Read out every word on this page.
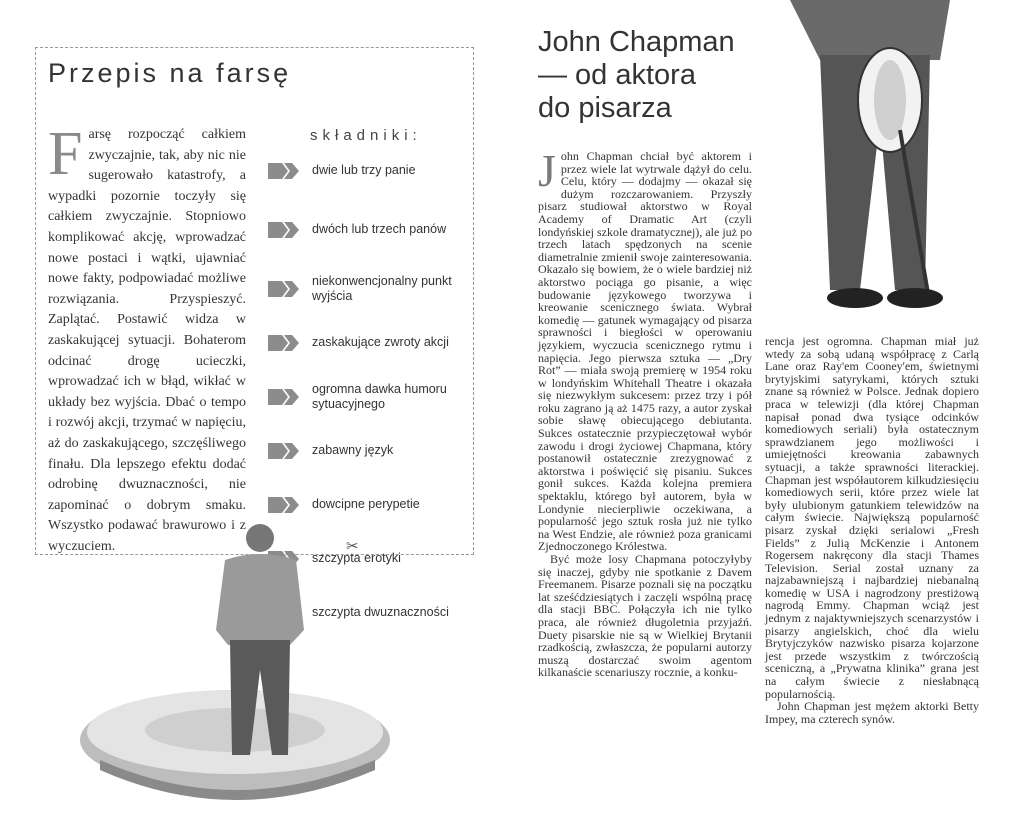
Przepis na farsę
Farsę rozpocząć całkiem zwyczajnie, tak, aby nic nie sugerowało katastrofy, a wypadki pozornie toczyły się całkiem zwyczajnie. Stopniowo komplikować akcję, wprowadzać nowe postaci i wątki, ujawniać nowe fakty, podpowiadać możliwe rozwiązania. Przyspieszyć. Zaplątać. Postawić widza w zaskakującej sytuacji. Bohaterom odcinać drogę ucieczki, wprowadzać ich w błąd, wikłać w układy bez wyjścia. Dbać o tempo i rozwój akcji, trzymać w napięciu, aż do zaskakującego, szczęśliwego finału. Dla lepszego efektu dodać odrobinę dwuznaczności, nie zapominać o dobrym smaku. Wszystko podawać brawurowo i z wyczuciem.
składniki:
dwie lub trzy panie
dwóch lub trzech panów
niekonwencjonalny punkt wyjścia
zaskakujące zwroty akcji
ogromna dawka humoru sytuacyjnego
zabawny język
dowcipne perypetie
szczypta erotyki
szczypta dwuznaczności
✂
John Chapman
— od aktora
do pisarza

John Chapman chciał być aktorem i przez wiele lat wytrwale dążył do celu. Celu, który — dodajmy — okazał się dużym rozczarowaniem. Przyszły pisarz studiował aktorstwo w Royal Academy of Dramatic Art (czyli londyńskiej szkole dramatycznej), ale już po trzech latach spędzonych na scenie diametralnie zmienił swoje zainteresowania. Okazało się bowiem, że o wiele bardziej niż aktorstwo pociąga go pisanie, a więc budowanie językowego tworzywa i kreowanie scenicznego świata. Wybrał komedię — gatunek wymagający od pisarza sprawności i biegłości w operowaniu językiem, wyczucia scenicznego rytmu i napięcia. Jego pierwsza sztuka — „Dry Rot” — miała swoją premierę w 1954 roku w londyńskim Whitehall Theatre i okazała się niezwykłym sukcesem: przez trzy i pół roku zagrano ją aż 1475 razy, a autor zyskał sobie sławę obiecującego debiutanta. Sukces ostatecznie przypieczętował wybór zawodu i drogi życiowej Chapmana, który postanowił ostatecznie zrezygnować z aktorstwa i poświęcić się pisaniu. Sukces gonił sukces. Każda kolejna premiera spektaklu, którego był autorem, była w Londynie niecierpliwie oczekiwana, a popularność jego sztuk rosła już nie tylko na West Endzie, ale również poza granicami Zjednoczonego Królestwa.

Być może losy Chapmana potoczyłyby się inaczej, gdyby nie spotkanie z Davem Freemanem. Pisarze poznali się na początku lat sześćdziesiątych i zaczęli wspólną pracę dla stacji BBC. Połączyła ich nie tylko praca, ale również długoletnia przyjaźń. Duety pisarskie nie są w Wielkiej Brytanii rzadkością, zwłaszcza, że popularni autorzy muszą dostarczać swoim agentom kilkanaście scenariuszy rocznie, a konku-

rencja jest ogromna. Chapman miał już wtedy za sobą udaną współpracę z Carlą Lane oraz Ray'em Cooney'em, świetnymi brytyjskimi satyrykami, których sztuki znane są również w Polsce. Jednak dopiero praca w telewizji (dla której Chapman napisał ponad dwa tysiące odcinków komediowych seriali) była ostatecznym sprawdzianem jego możliwości i umiejętności kreowania zabawnych sytuacji, a także sprawności literackiej. Chapman jest współautorem kilkudziesięciu komediowych serii, które przez wiele lat były ulubionym gatunkiem telewidzów na całym świecie. Największą popularność pisarz zyskał dzięki serialowi „Fresh Fields” z Julią McKenzie i Antonem Rogersem nakręcony dla stacji Thames Television. Serial został uznany za najzabawniejszą i najbardziej niebanalną komedię w USA i nagrodzony prestiżową nagrodą Emmy. Chapman wciąż jest jednym z najaktywniejszych scenarzystów i pisarzy angielskich, choć dla wielu Brytyjczyków nazwisko pisarza kojarzone jest przede wszystkim z twórczością sceniczną, a „Prywatna klinika” grana jest na całym świecie z niesłabnącą popularnością.

John Chapman jest mężem aktorki Betty Impey, ma czterech synów.
